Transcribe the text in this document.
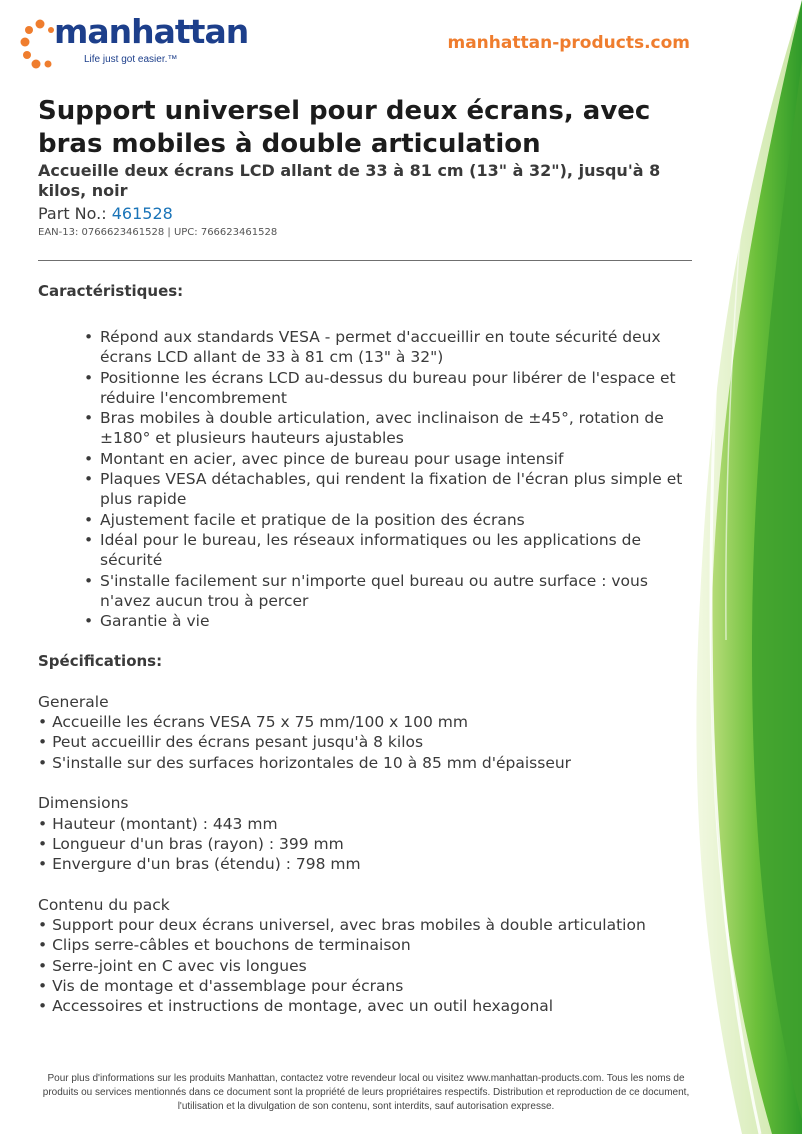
manhattan
Life just got easier.™
manhattan-products.com
Support universel pour deux écrans, avec bras mobiles à double articulation
Accueille deux écrans LCD allant de 33 à 81 cm (13" à 32"), jusqu'à 8 kilos, noir
Part No.: 461528
EAN-13: 0766623461528 | UPC: 766623461528
Caractéristiques:
• Répond aux standards VESA - permet d'accueillir en toute sécurité deux écrans LCD allant de 33 à 81 cm (13" à 32")
• Positionne les écrans LCD au-dessus du bureau pour libérer de l'espace et réduire l'encombrement
• Bras mobiles à double articulation, avec inclinaison de ±45°, rotation de ±180° et plusieurs hauteurs ajustables
• Montant en acier, avec pince de bureau pour usage intensif
• Plaques VESA détachables, qui rendent la fixation de l'écran plus simple et plus rapide
• Ajustement facile et pratique de la position des écrans
• Idéal pour le bureau, les réseaux informatiques ou les applications de sécurité
• S'installe facilement sur n'importe quel bureau ou autre surface : vous n'avez aucun trou à percer
• Garantie à vie
Spécifications:
Generale
• Accueille les écrans VESA 75 x 75 mm/100 x 100 mm
• Peut accueillir des écrans pesant jusqu'à 8 kilos
• S'installe sur des surfaces horizontales de 10 à 85 mm d'épaisseur
Dimensions
• Hauteur (montant) : 443 mm
• Longueur d'un bras (rayon) : 399 mm
• Envergure d'un bras (étendu) : 798 mm
Contenu du pack
• Support pour deux écrans universel, avec bras mobiles à double articulation
• Clips serre-câbles et bouchons de terminaison
• Serre-joint en C avec vis longues
• Vis de montage et d'assemblage pour écrans
• Accessoires et instructions de montage, avec un outil hexagonal
Pour plus d'informations sur les produits Manhattan, contactez votre revendeur local ou visitez www.manhattan-products.com. Tous les noms de produits ou services mentionnés dans ce document sont la propriété de leurs propriétaires respectifs. Distribution et reproduction de ce document, l'utilisation et la divulgation de son contenu, sont interdits, sauf autorisation expresse.
